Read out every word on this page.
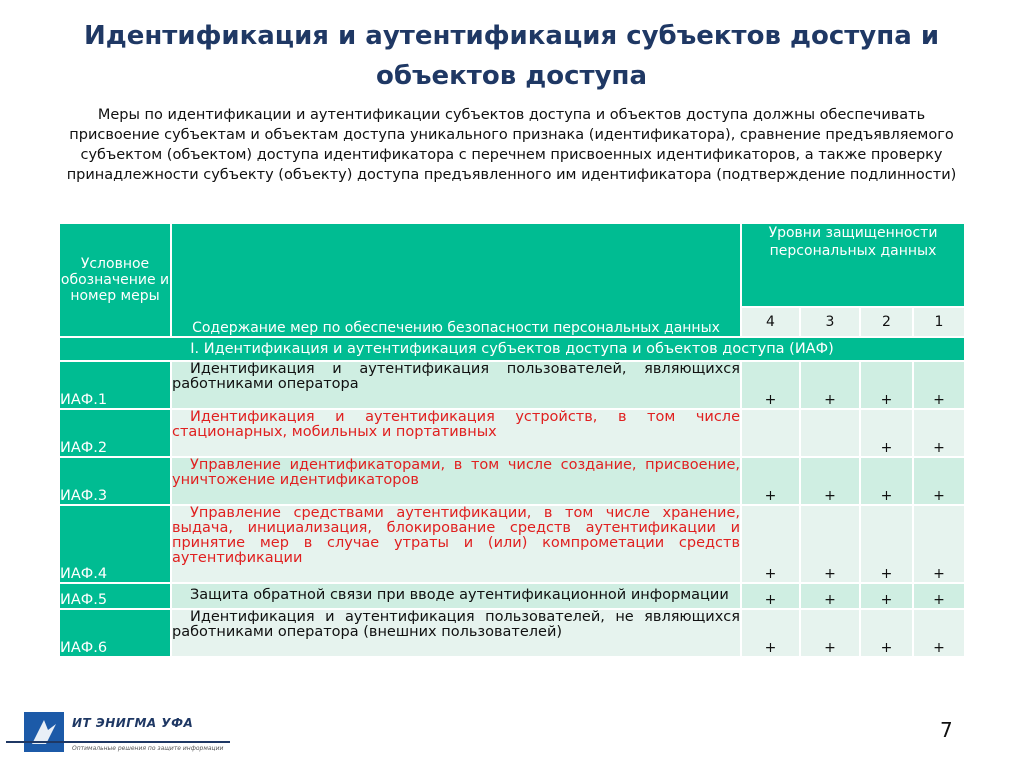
Идентификация и аутентификация субъектов доступа и объектов доступа

Меры по идентификации и аутентификации субъектов доступа и объектов доступа должны обеспечивать присвоение субъектам и объектам доступа уникального признака (идентификатора), сравнение предъявляемого субъектом (объектом) доступа идентификатора с перечнем присвоенных идентификаторов, а также проверку принадлежности субъекту (объекту) доступа предъявленного им идентификатора (подтверждение подлинности)

Условное обозначение и номер меры	Содержание мер по обеспечению безопасности персональных данных	Уровни защищенности персональных данных			
		4	3	2	1
I. Идентификация и аутентификация субъектов доступа и объектов доступа (ИАФ)					
ИАФ.1	Идентификация и аутентификация пользователей, являющихся работниками оператора	+	+	+	+
ИАФ.2	Идентификация и аутентификация устройств, в том числе стационарных, мобильных и портативных			+	+
ИАФ.3	Управление идентификаторами, в том числе создание, присвоение, уничтожение идентификаторов	+	+	+	+
ИАФ.4	Управление средствами аутентификации, в том числе хранение, выдача, инициализация, блокирование средств аутентификации и принятие мер в случае утраты и (или) компрометации средств аутентификации	+	+	+	+
ИАФ.5	Защита обратной связи при вводе аутентификационной информации	+	+	+	+
ИАФ.6	Идентификация и аутентификация пользователей, не являющихся работниками оператора (внешних пользователей)	+	+	+	+
ИТ ЭНИГМА УФА
Оптимальные решения по защите информации
7
